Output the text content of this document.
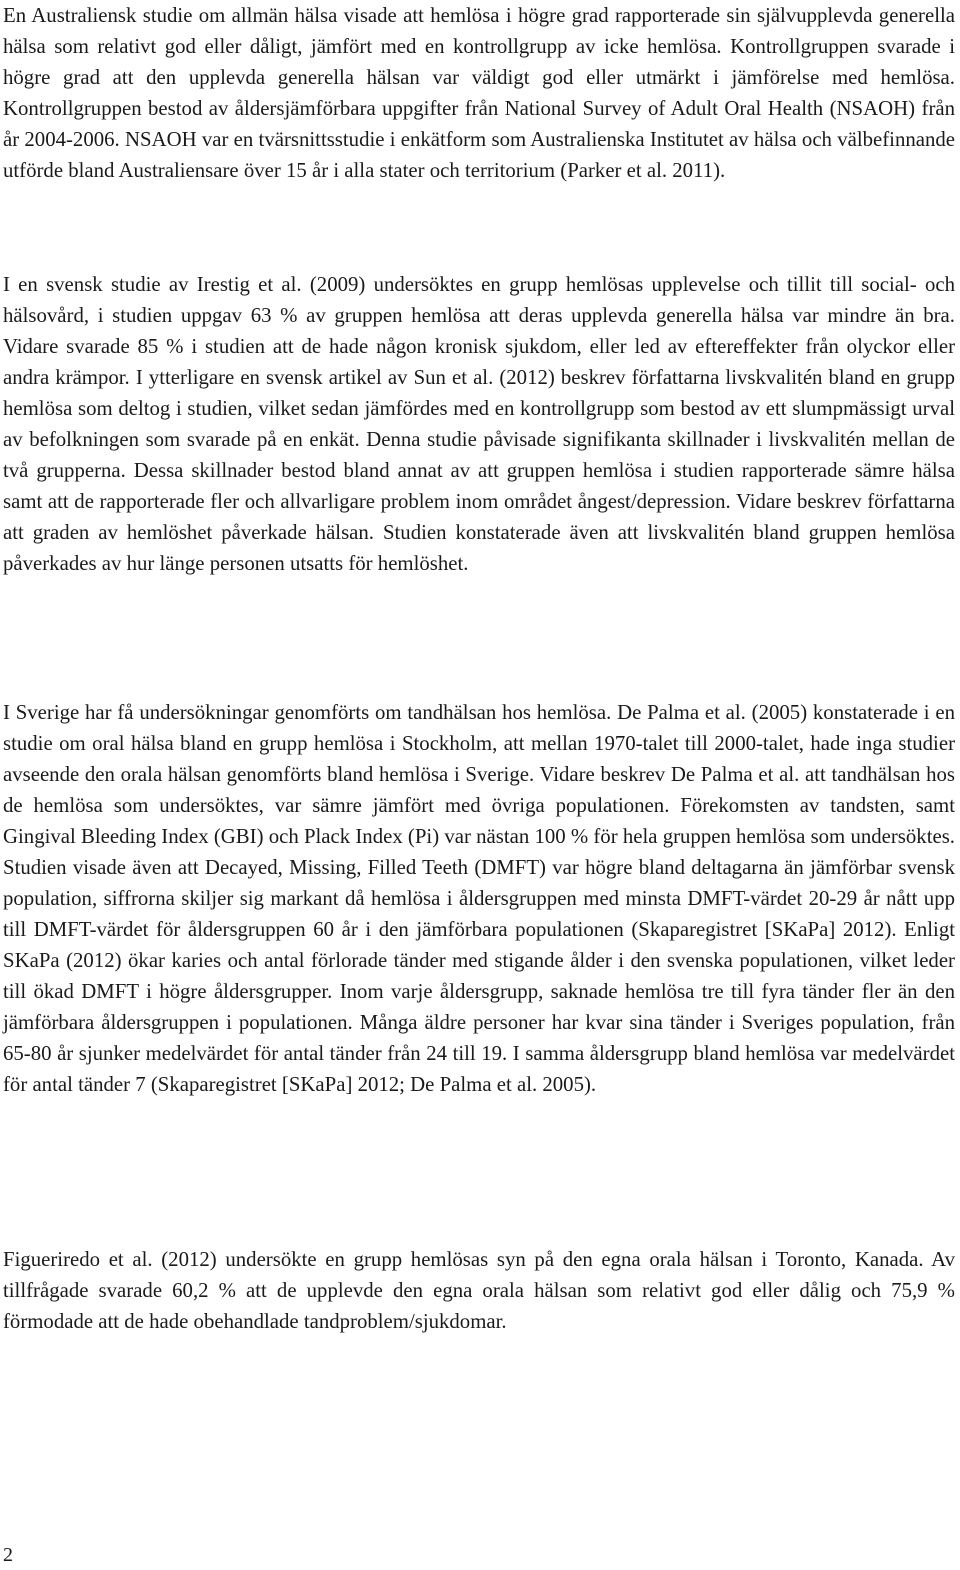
En Australiensk studie om allmän hälsa visade att hemlösa i högre grad rapporterade sin självupplevda generella hälsa som relativt god eller dåligt, jämfört med en kontrollgrupp av icke hemlösa. Kontrollgruppen svarade i högre grad att den upplevda generella hälsan var väldigt god eller utmärkt i jämförelse med hemlösa. Kontrollgruppen bestod av åldersjämförbara uppgifter från National Survey of Adult Oral Health (NSAOH) från år 2004-2006. NSAOH var en tvärsnittsstudie i enkätform som Australienska Institutet av hälsa och välbefinnande utförde bland Australiensare över 15 år i alla stater och territorium (Parker et al. 2011).

I en svensk studie av Irestig et al. (2009) undersöktes en grupp hemlösas upplevelse och tillit till social- och hälsovård, i studien uppgav 63 % av gruppen hemlösa att deras upplevda generella hälsa var mindre än bra. Vidare svarade 85 % i studien att de hade någon kronisk sjukdom, eller led av eftereffekter från olyckor eller andra krämpor. I ytterligare en svensk artikel av Sun et al. (2012) beskrev författarna livskvalitén bland en grupp hemlösa som deltog i studien, vilket sedan jämfördes med en kontrollgrupp som bestod av ett slumpmässigt urval av befolkningen som svarade på en enkät. Denna studie påvisade signifikanta skillnader i livskvalitén mellan de två grupperna. Dessa skillnader bestod bland annat av att gruppen hemlösa i studien rapporterade sämre hälsa samt att de rapporterade fler och allvarligare problem inom området ångest/depression. Vidare beskrev författarna att graden av hemlöshet påverkade hälsan. Studien konstaterade även att livskvalitén bland gruppen hemlösa påverkades av hur länge personen utsatts för hemlöshet.

I Sverige har få undersökningar genomförts om tandhälsan hos hemlösa. De Palma et al. (2005) konstaterade i en studie om oral hälsa bland en grupp hemlösa i Stockholm, att mellan 1970-talet till 2000-talet, hade inga studier avseende den orala hälsan genomförts bland hemlösa i Sverige. Vidare beskrev De Palma et al. att tandhälsan hos de hemlösa som undersöktes, var sämre jämfört med övriga populationen. Förekomsten av tandsten, samt Gingival Bleeding Index (GBI) och Plack Index (Pi) var nästan 100 % för hela gruppen hemlösa som undersöktes. Studien visade även att Decayed, Missing, Filled Teeth (DMFT) var högre bland deltagarna än jämförbar svensk population, siffrorna skiljer sig markant då hemlösa i åldersgruppen med minsta DMFT-värdet 20-29 år nått upp till DMFT-värdet för åldersgruppen 60 år i den jämförbara populationen (Skaparegistret [SKaPa] 2012). Enligt SKaPa (2012) ökar karies och antal förlorade tänder med stigande ålder i den svenska populationen, vilket leder till ökad DMFT i högre åldersgrupper. Inom varje åldersgrupp, saknade hemlösa tre till fyra tänder fler än den jämförbara åldersgruppen i populationen. Många äldre personer har kvar sina tänder i Sveriges population, från 65-80 år sjunker medelvärdet för antal tänder från 24 till 19. I samma åldersgrupp bland hemlösa var medelvärdet för antal tänder 7 (Skaparegistret [SKaPa] 2012; De Palma et al. 2005).

Figueriredo et al. (2012) undersökte en grupp hemlösas syn på den egna orala hälsan i Toronto, Kanada. Av tillfrågade svarade 60,2 % att de upplevde den egna orala hälsan som relativt god eller dålig och 75,9 % förmodade att de hade obehandlade tandproblem/sjukdomar.

2
